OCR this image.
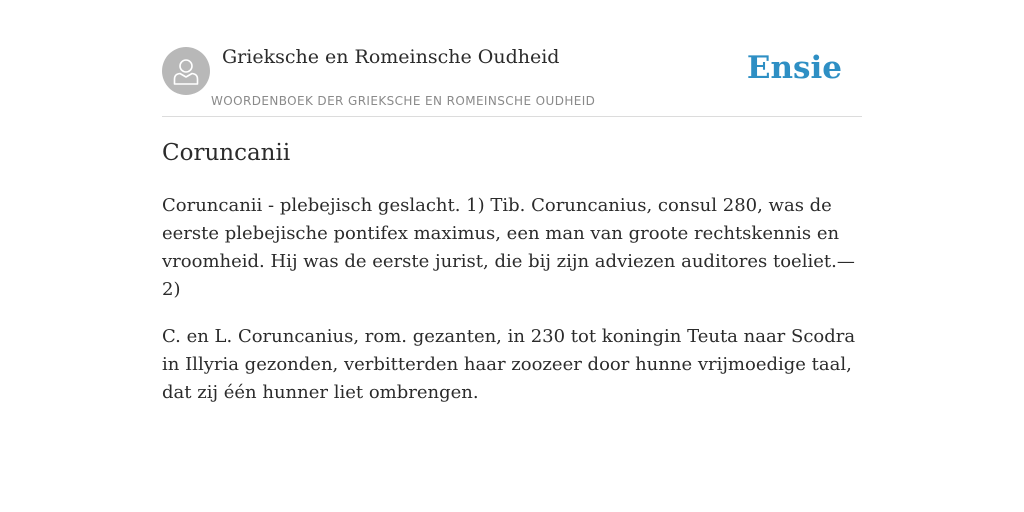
Grieksche en Romeinsche Oudheid
WOORDENBOEK DER GRIEKSCHE EN ROMEINSCHE OUDHEID
Ensie
Coruncanii

Coruncanii - plebejisch geslacht. 1) Tib. Coruncanius, consul 280, was de eerste plebejische pontifex maximus, een man van groote rechtskennis en vroomheid. Hij was de eerste jurist, die bij zijn adviezen auditores toeliet.—2)

C. en L. Coruncanius, rom. gezanten, in 230 tot koningin Teuta naar Scodra in Illyria gezonden, verbitterden haar zoozeer door hunne vrijmoedige taal, dat zij één hunner liet ombrengen.
